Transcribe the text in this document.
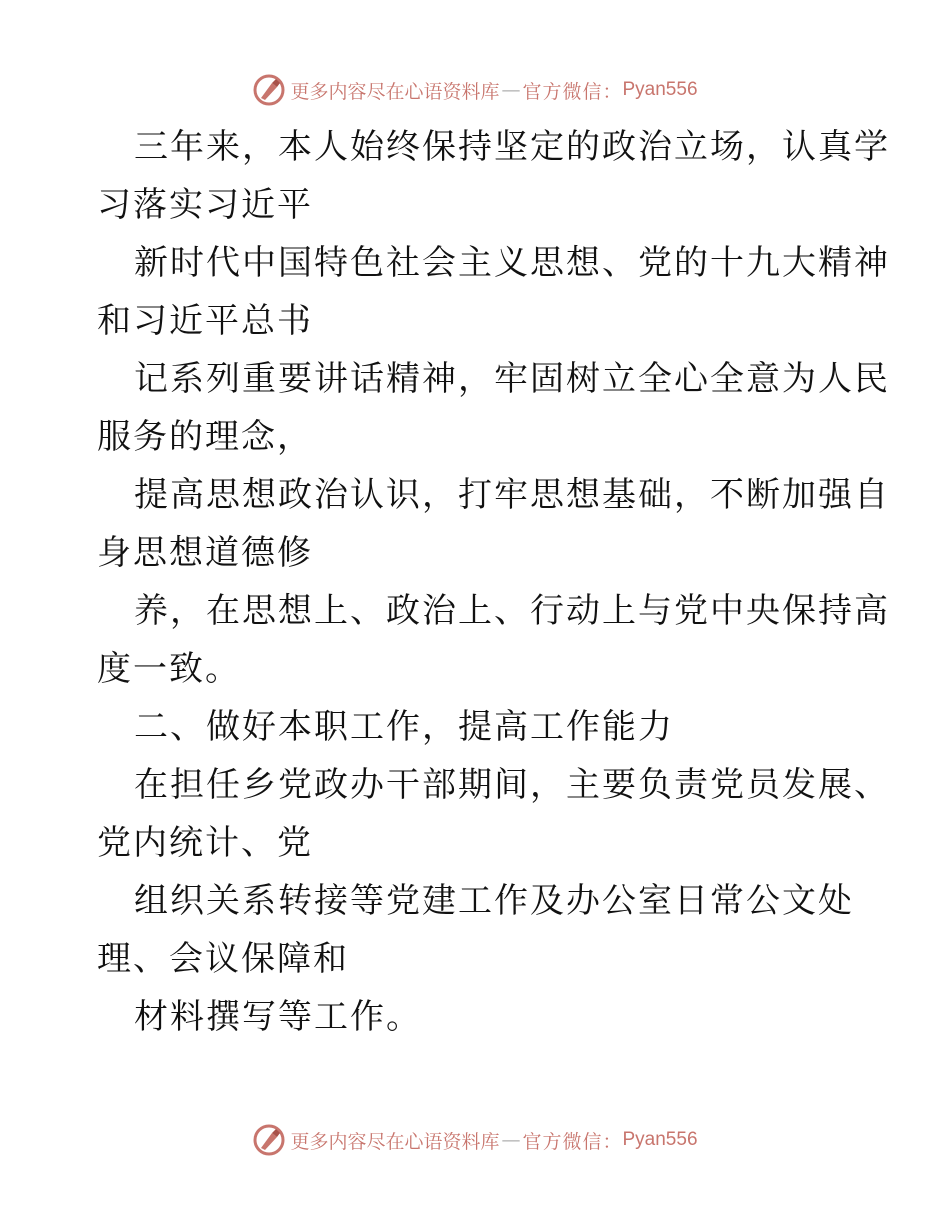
更多内容尽在心语资料库 — 官方微信： Pyan556
三年来，本人始终保持坚定的政治立场，认真学
习落实习近平
新时代中国特色社会主义思想、党的十九大精神
和习近平总书
记系列重要讲话精神，牢固树立全心全意为人民
服务的理念，
提高思想政治认识，打牢思想基础，不断加强自
身思想道德修
养，在思想上、政治上、行动上与党中央保持高
度一致。
二、做好本职工作，提高工作能力
在担任乡党政办干部期间，主要负责党员发展、
党内统计、党
组织关系转接等党建工作及办公室日常公文处
理、会议保障和
材料撰写等工作。
更多内容尽在心语资料库 — 官方微信： Pyan556
